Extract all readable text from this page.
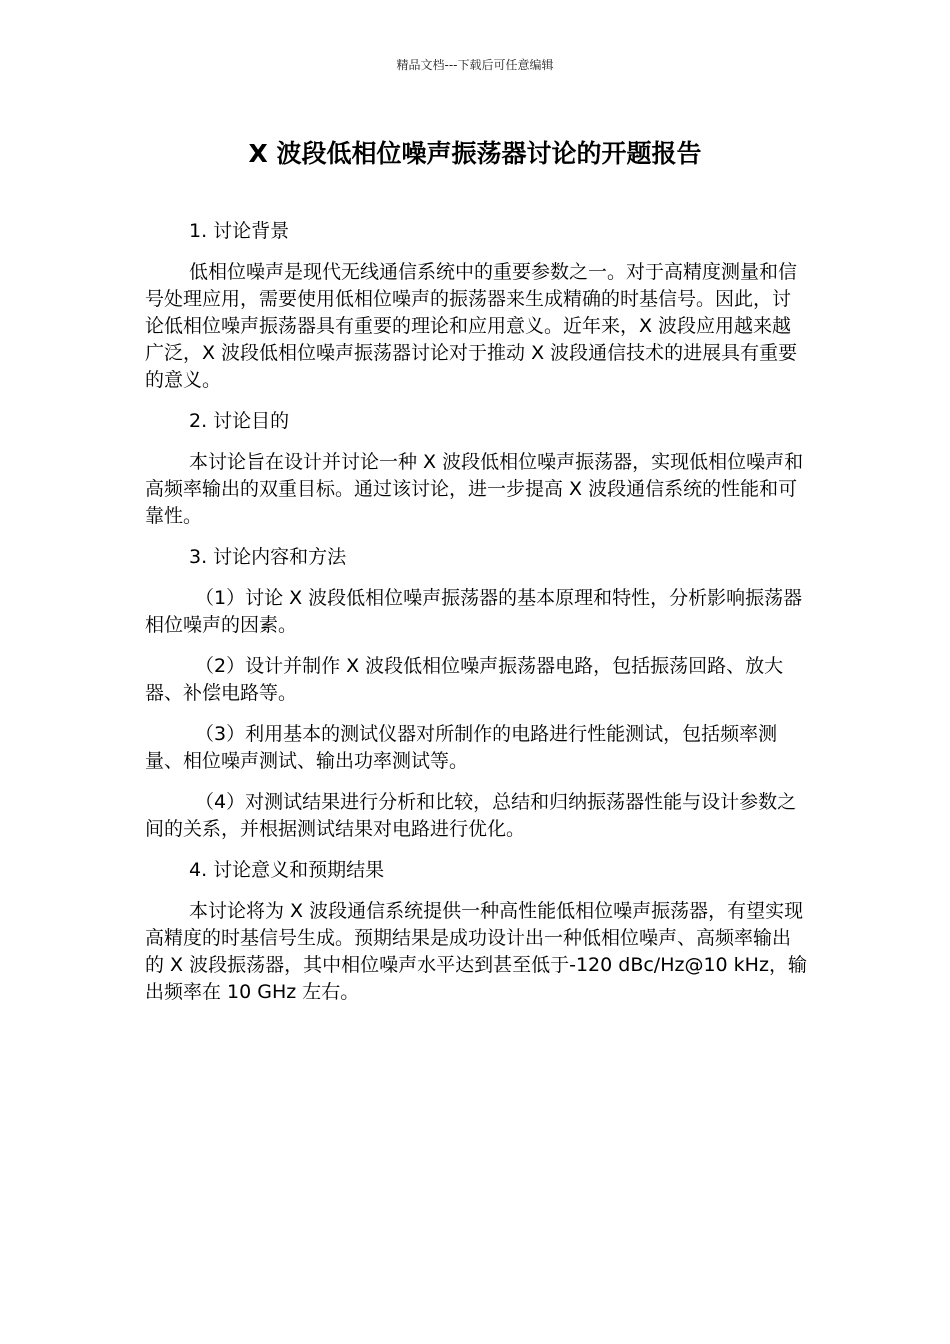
精品文档---下载后可任意编辑
X 波段低相位噪声振荡器讨论的开题报告

1. 讨论背景

低相位噪声是现代无线通信系统中的重要参数之一。对于高精度测量和信号处理应用，需要使用低相位噪声的振荡器来生成精确的时基信号。因此，讨论低相位噪声振荡器具有重要的理论和应用意义。近年来，X 波段应用越来越广泛，X 波段低相位噪声振荡器讨论对于推动 X 波段通信技术的进展具有重要的意义。

2. 讨论目的

本讨论旨在设计并讨论一种 X 波段低相位噪声振荡器，实现低相位噪声和高频率输出的双重目标。通过该讨论，进一步提高 X 波段通信系统的性能和可靠性。

3. 讨论内容和方法

（1）讨论 X 波段低相位噪声振荡器的基本原理和特性，分析影响振荡器相位噪声的因素。

（2）设计并制作 X 波段低相位噪声振荡器电路，包括振荡回路、放大器、补偿电路等。

（3）利用基本的测试仪器对所制作的电路进行性能测试，包括频率测量、相位噪声测试、输出功率测试等。

（4）对测试结果进行分析和比较，总结和归纳振荡器性能与设计参数之间的关系，并根据测试结果对电路进行优化。

4. 讨论意义和预期结果

本讨论将为 X 波段通信系统提供一种高性能低相位噪声振荡器，有望实现高精度的时基信号生成。预期结果是成功设计出一种低相位噪声、高频率输出的 X 波段振荡器，其中相位噪声水平达到甚至低于-120 dBc/Hz@10 kHz，输出频率在 10 GHz 左右。
